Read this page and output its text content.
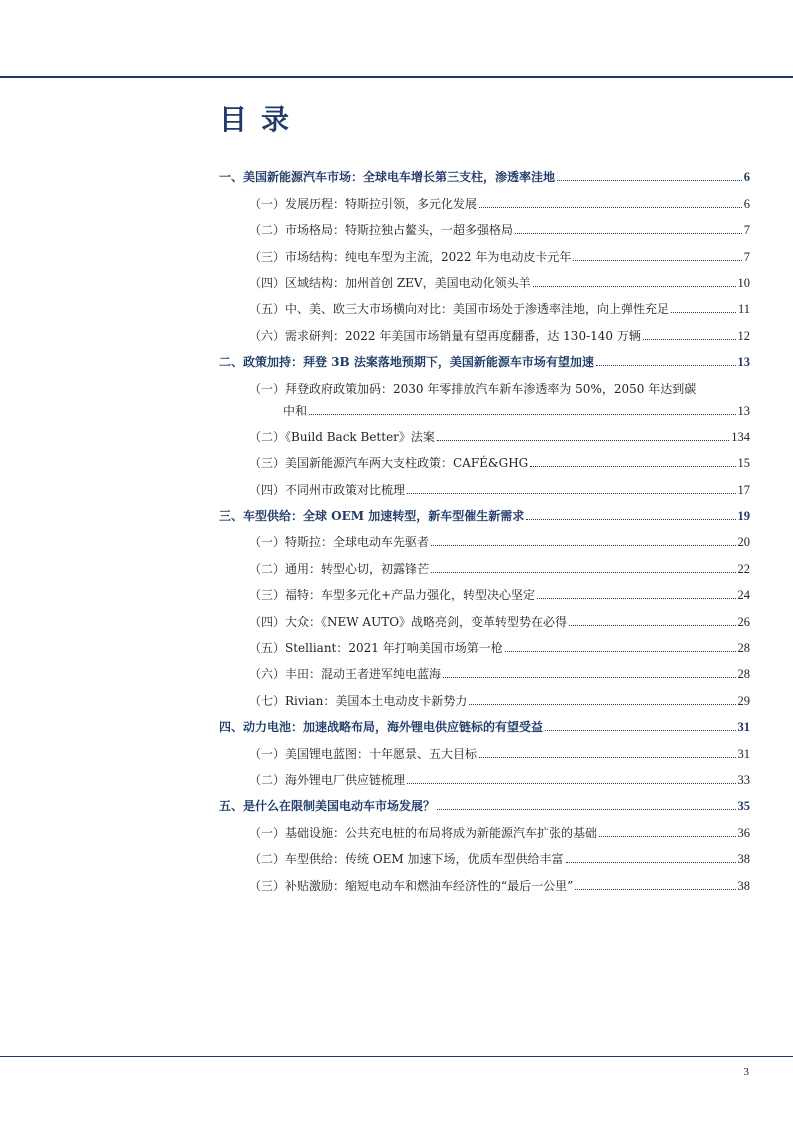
目录
一、美国新能源汽车市场：全球电车增长第三支柱，渗透率洼地	6
（一）发展历程：特斯拉引领，多元化发展	6
（二）市场格局：特斯拉独占鳌头，一超多强格局	7
（三）市场结构：纯电车型为主流，2022 年为电动皮卡元年	7
（四）区域结构：加州首创 ZEV，美国电动化领头羊	10
（五）中、美、欧三大市场横向对比：美国市场处于渗透率洼地，向上弹性充足	11
（六）需求研判：2022 年美国市场销量有望再度翻番，达 130-140 万辆	12
二、政策加持：拜登 3B 法案落地预期下，美国新能源车市场有望加速	13
（一）拜登政府政策加码：2030 年零排放汽车新车渗透率为 50%，2050 年达到碳
中和	13
（二）《Build Back Better》法案	134
（三）美国新能源汽车两大支柱政策：CAFÉ&GHG	15
（四）不同州市政策对比梳理	17
三、车型供给：全球 OEM 加速转型，新车型催生新需求	19
（一）特斯拉：全球电动车先驱者	20
（二）通用：转型心切，初露锋芒	22
（三）福特：车型多元化+产品力强化，转型决心坚定	24
（四）大众：《NEW AUTO》战略亮剑，变革转型势在必得	26
（五）Stelliant：2021 年打响美国市场第一枪	28
（六）丰田：混动王者进军纯电蓝海	28
（七）Rivian：美国本土电动皮卡新势力	29
四、动力电池：加速战略布局，海外锂电供应链标的有望受益	31
（一）美国锂电蓝图：十年愿景、五大目标	31
（二）海外锂电厂供应链梳理	33
五、是什么在限制美国电动车市场发展？	35
（一）基础设施：公共充电桩的布局将成为新能源汽车扩张的基础	36
（二）车型供给：传统 OEM 加速下场，优质车型供给丰富	38
（三）补贴激励：缩短电动车和燃油车经济性的“最后一公里”	38
3
